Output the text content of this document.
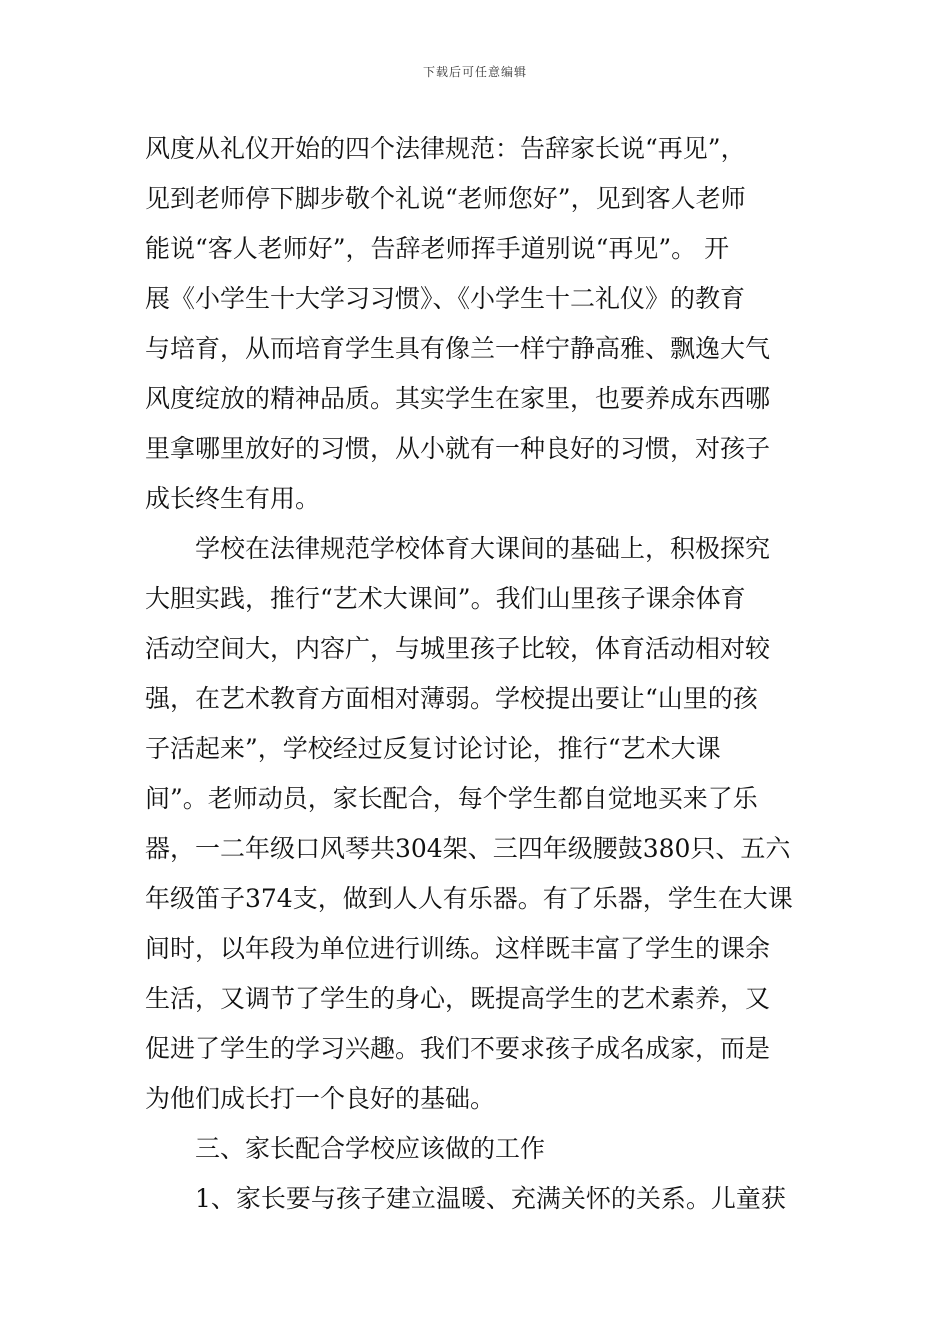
下载后可任意编辑
风度从礼仪开始的四个法律规范：告辞家长说“再见”，
见到老师停下脚步敬个礼说“老师您好”，见到客人老师
能说“客人老师好”，告辞老师挥手道别说“再见”。 开
展《小学生十大学习习惯》、《小学生十二礼仪》的教育
与培育，从而培育学生具有像兰一样宁静高雅、飘逸大气
风度绽放的精神品质。其实学生在家里，也要养成东西哪
里拿哪里放好的习惯，从小就有一种良好的习惯，对孩子
成长终生有用。
学校在法律规范学校体育大课间的基础上，积极探究
大胆实践，推行“艺术大课间”。我们山里孩子课余体育
活动空间大，内容广，与城里孩子比较，体育活动相对较
强，在艺术教育方面相对薄弱。学校提出要让“山里的孩
子活起来”，学校经过反复讨论讨论，推行“艺术大课
间”。老师动员，家长配合，每个学生都自觉地买来了乐
器，一二年级口风琴共304架、三四年级腰鼓380只、五六
年级笛子374支，做到人人有乐器。有了乐器，学生在大课
间时，以年段为单位进行训练。这样既丰富了学生的课余
生活，又调节了学生的身心，既提高学生的艺术素养，又
促进了学生的学习兴趣。我们不要求孩子成名成家，而是
为他们成长打一个良好的基础。
三、家长配合学校应该做的工作
1、家长要与孩子建立温暖、充满关怀的关系。儿童获
